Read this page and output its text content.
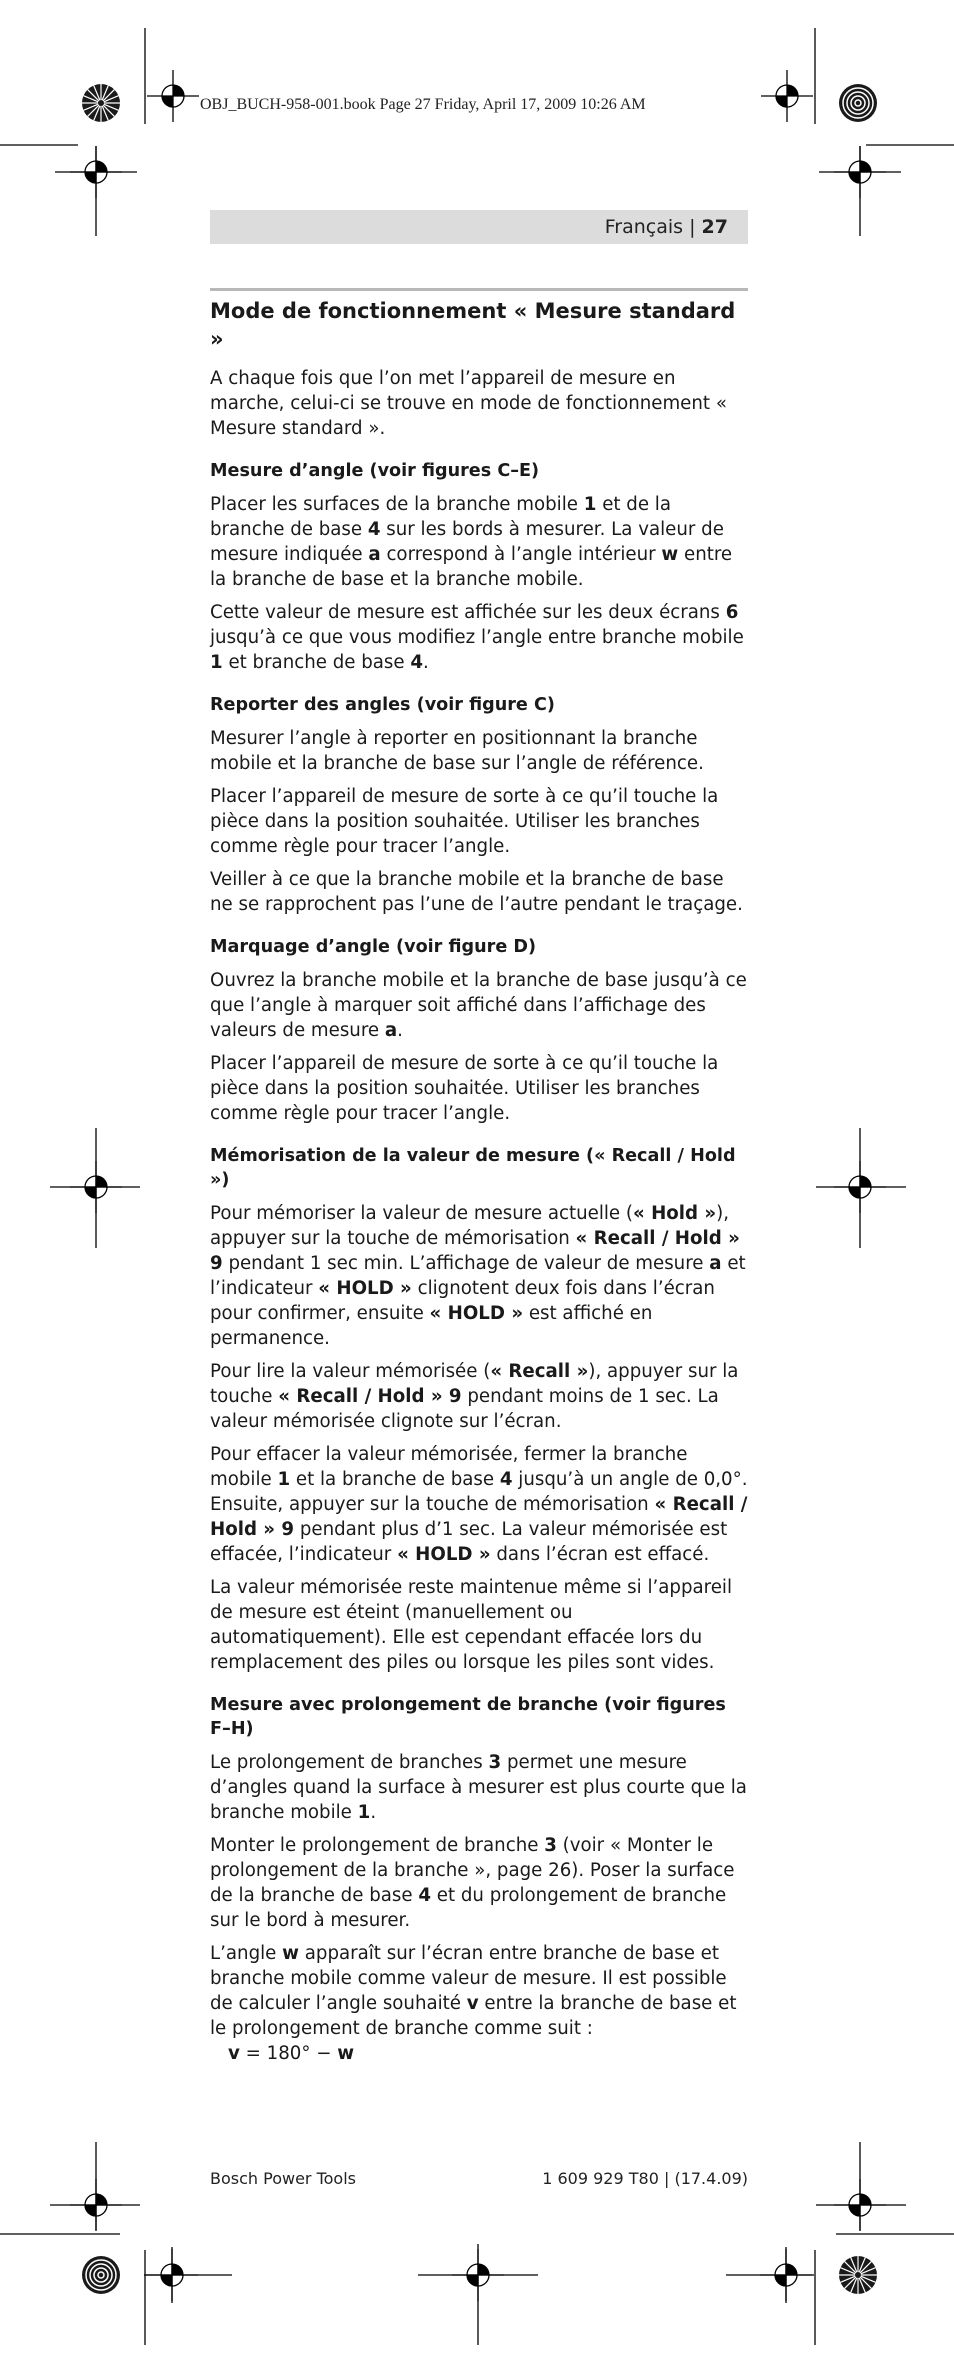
OBJ_BUCH-958-001.book Page 27 Friday, April 17, 2009 10:26 AM
Français | 27
Mode de fonctionnement « Mesure standard »

A chaque fois que l’on met l’appareil de mesure en marche, celui-ci se trouve en mode de fonctionnement « Mesure standard ».

Mesure d’angle (voir figures C–E)

Placer les surfaces de la branche mobile 1 et de la branche de base 4 sur les bords à mesurer. La valeur de mesure indiquée a correspond à l’angle intérieur w entre la branche de base et la branche mobile.

Cette valeur de mesure est affichée sur les deux écrans 6 jusqu’à ce que vous modifiez l’angle entre branche mobile 1 et branche de base 4.

Reporter des angles (voir figure C)

Mesurer l’angle à reporter en positionnant la branche mobile et la branche de base sur l’angle de référence.

Placer l’appareil de mesure de sorte à ce qu’il touche la pièce dans la position souhaitée. Utiliser les branches comme règle pour tracer l’angle.

Veiller à ce que la branche mobile et la branche de base ne se rapprochent pas l’une de l’autre pendant le traçage.

Marquage d’angle (voir figure D)

Ouvrez la branche mobile et la branche de base jusqu’à ce que l’angle à marquer soit affiché dans l’affichage des valeurs de mesure a.

Placer l’appareil de mesure de sorte à ce qu’il touche la pièce dans la position souhaitée. Utiliser les branches comme règle pour tracer l’angle.

Mémorisation de la valeur de mesure (« Recall / Hold »)

Pour mémoriser la valeur de mesure actuelle (« Hold »), appuyer sur la touche de mémorisation « Recall / Hold » 9 pendant 1 sec min. L’affichage de valeur de mesure a et l’indicateur « HOLD » clignotent deux fois dans l’écran pour confirmer, ensuite « HOLD » est affiché en permanence.

Pour lire la valeur mémorisée (« Recall »), appuyer sur la touche « Recall / Hold » 9 pendant moins de 1 sec. La valeur mémorisée clignote sur l’écran.

Pour effacer la valeur mémorisée, fermer la branche mobile 1 et la branche de base 4 jusqu’à un angle de 0,0°. Ensuite, appuyer sur la touche de mémorisation « Recall / Hold » 9 pendant plus d’1 sec. La valeur mémorisée est effacée, l’indicateur « HOLD » dans l’écran est effacé.

La valeur mémorisée reste maintenue même si l’appareil de mesure est éteint (manuellement ou automatiquement). Elle est cependant effacée lors du remplacement des piles ou lorsque les piles sont vides.

Mesure avec prolongement de branche (voir figures F–H)

Le prolongement de branches 3 permet une mesure d’angles quand la surface à mesurer est plus courte que la branche mobile 1.

Monter le prolongement de branche 3 (voir « Monter le prolongement de la branche », page 26). Poser la surface de la branche de base 4 et du prolongement de branche sur le bord à mesurer.

L’angle w apparaît sur l’écran entre branche de base et branche mobile comme valeur de mesure. Il est possible de calculer l’angle souhaité v entre la branche de base et le prolongement de branche comme suit :

v = 180° − w

Bosch Power Tools	1 609 929 T80 | (17.4.09)
